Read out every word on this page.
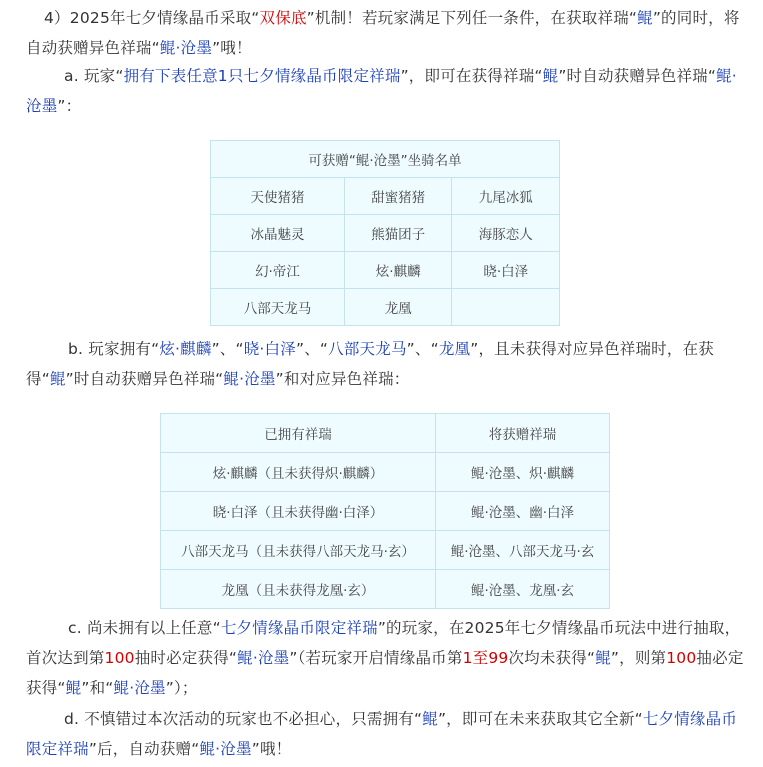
4）2025年七夕情缘晶币采取“双保底”机制！若玩家满足下列任一条件，在获取祥瑞“鲲”的同时，将自动获赠异色祥瑞“鲲·沧墨”哦！

a. 玩家“拥有下表任意1只七夕情缘晶币限定祥瑞”，即可在获得祥瑞“鲲”时自动获赠异色祥瑞“鲲·沧墨”：

可获赠“鲲·沧墨”坐骑名单		
天使猪猪	甜蜜猪猪	九尾冰狐
冰晶魅灵	熊猫团子	海豚恋人
幻·帝江	炫·麒麟	晓·白泽
八部天龙马	龙凰	

b. 玩家拥有“炫·麒麟”、“晓·白泽”、“八部天龙马”、“龙凰”，且未获得对应异色祥瑞时，在获得“鲲”时自动获赠异色祥瑞“鲲·沧墨”和对应异色祥瑞：

已拥有祥瑞	将获赠祥瑞
炫·麒麟（且未获得炽·麒麟）	鲲·沧墨、炽·麒麟
晓·白泽（且未获得幽·白泽）	鲲·沧墨、幽·白泽
八部天龙马（且未获得八部天龙马·玄）	鲲·沧墨、八部天龙马·玄
龙凰（且未获得龙凰·玄）	鲲·沧墨、龙凰·玄

c. 尚未拥有以上任意“七夕情缘晶币限定祥瑞”的玩家，在2025年七夕情缘晶币玩法中进行抽取，首次达到第100抽时必定获得“鲲·沧墨”（若玩家开启情缘晶币第1至99次均未获得“鲲”，则第100抽必定获得“鲲”和“鲲·沧墨”）；

d. 不慎错过本次活动的玩家也不必担心，只需拥有“鲲”，即可在未来获取其它全新“七夕情缘晶币限定祥瑞”后，自动获赠“鲲·沧墨”哦！
